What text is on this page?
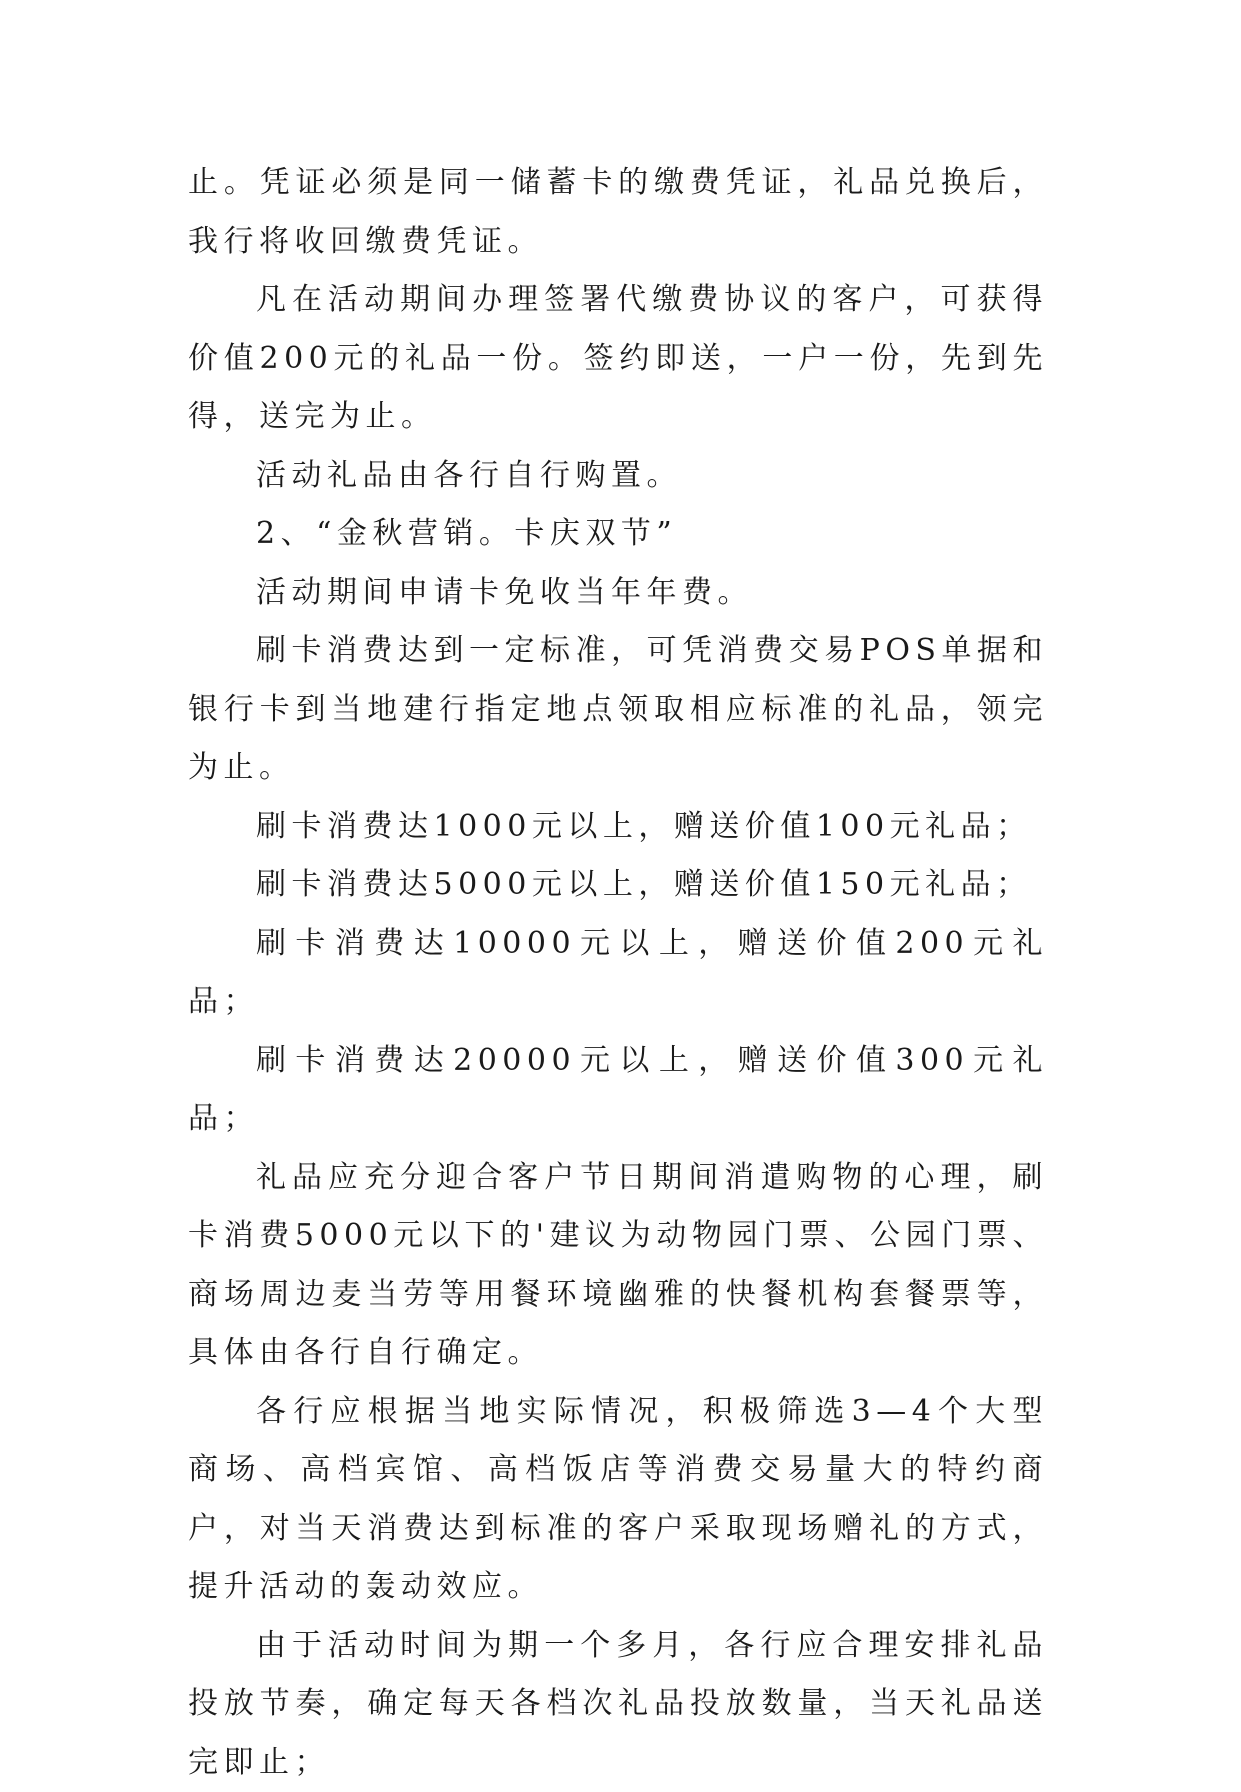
止。凭证必须是同一储蓄卡的缴费凭证，礼品兑换后，我行将收回缴费凭证。

凡在活动期间办理签署代缴费协议的客户，可获得价值200元的礼品一份。签约即送，一户一份，先到先得，送完为止。

活动礼品由各行自行购置。

2、“金秋营销。卡庆双节”

活动期间申请卡免收当年年费。

刷卡消费达到一定标准，可凭消费交易POS单据和银行卡到当地建行指定地点领取相应标准的礼品，领完为止。

刷卡消费达1000元以上，赠送价值100元礼品；

刷卡消费达5000元以上，赠送价值150元礼品；

刷卡消费达10000元以上，赠送价值200元礼品；

刷卡消费达20000元以上，赠送价值300元礼品；

礼品应充分迎合客户节日期间消遣购物的心理，刷卡消费5000元以下的'建议为动物园门票、公园门票、商场周边麦当劳等用餐环境幽雅的快餐机构套餐票等，具体由各行自行确定。

各行应根据当地实际情况，积极筛选3—4个大型商场、高档宾馆、高档饭店等消费交易量大的特约商户，对当天消费达到标准的客户采取现场赠礼的方式，提升活动的轰动效应。

由于活动时间为期一个多月，各行应合理安排礼品投放节奏，确定每天各档次礼品投放数量，当天礼品送完即止；
